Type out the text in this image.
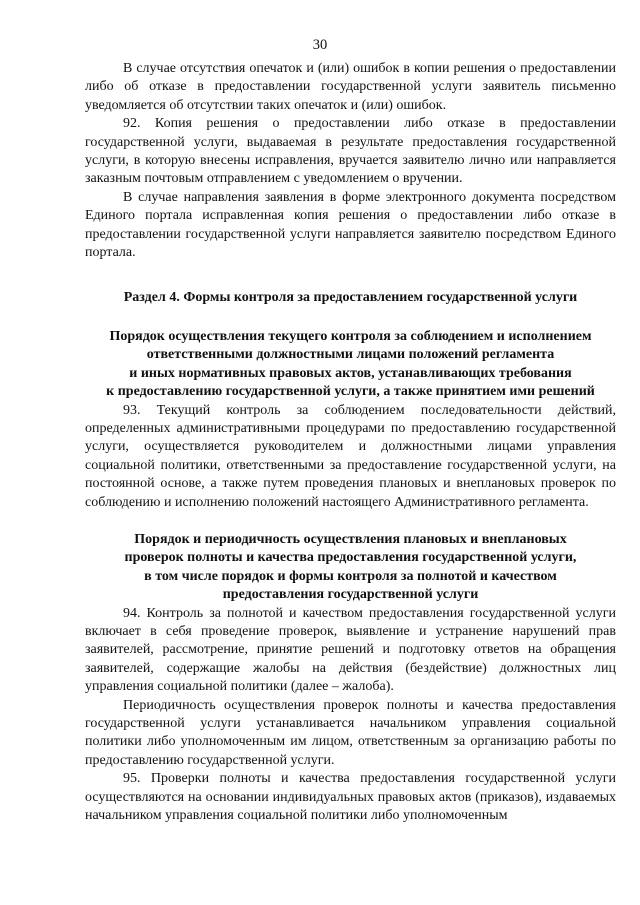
30

В случае отсутствия опечаток и (или) ошибок в копии решения о предоставлении либо об отказе в предоставлении государственной услуги заявитель письменно уведомляется об отсутствии таких опечаток и (или) ошибок.

92. Копия решения о предоставлении либо отказе в предоставлении государственной услуги, выдаваемая в результате предоставления государственной услуги, в которую внесены исправления, вручается заявителю лично или направляется заказным почтовым отправлением с уведомлением о вручении.

В случае направления заявления в форме электронного документа посредством Единого портала исправленная копия решения о предоставлении либо отказе в предоставлении государственной услуги направляется заявителю посредством Единого портала.

Раздел 4. Формы контроля за предоставлением государственной услуги
Порядок осуществления текущего контроля за соблюдением и исполнением
ответственными должностными лицами положений регламента
и иных нормативных правовых актов, устанавливающих требования
к предоставлению государственной услуги, а также принятием ими решений

93. Текущий контроль за соблюдением последовательности действий, определенных административными процедурами по предоставлению государственной услуги, осуществляется руководителем и должностными лицами управления социальной политики, ответственными за предоставление государственной услуги, на постоянной основе, а также путем проведения плановых и внеплановых проверок по соблюдению и исполнению положений настоящего Административного регламента.

Порядок и периодичность осуществления плановых и внеплановых
проверок полноты и качества предоставления государственной услуги,
в том числе порядок и формы контроля за полнотой и качеством
предоставления государственной услуги

94. Контроль за полнотой и качеством предоставления государственной услуги включает в себя проведение проверок, выявление и устранение нарушений прав заявителей, рассмотрение, принятие решений и подготовку ответов на обращения заявителей, содержащие жалобы на действия (бездействие) должностных лиц управления социальной политики (далее – жалоба).

Периодичность осуществления проверок полноты и качества предоставления государственной услуги устанавливается начальником управления социальной политики либо уполномоченным им лицом, ответственным за организацию работы по предоставлению государственной услуги.

95. Проверки полноты и качества предоставления государственной услуги осуществляются на основании индивидуальных правовых актов (приказов), издаваемых начальником управления социальной политики либо уполномоченным
